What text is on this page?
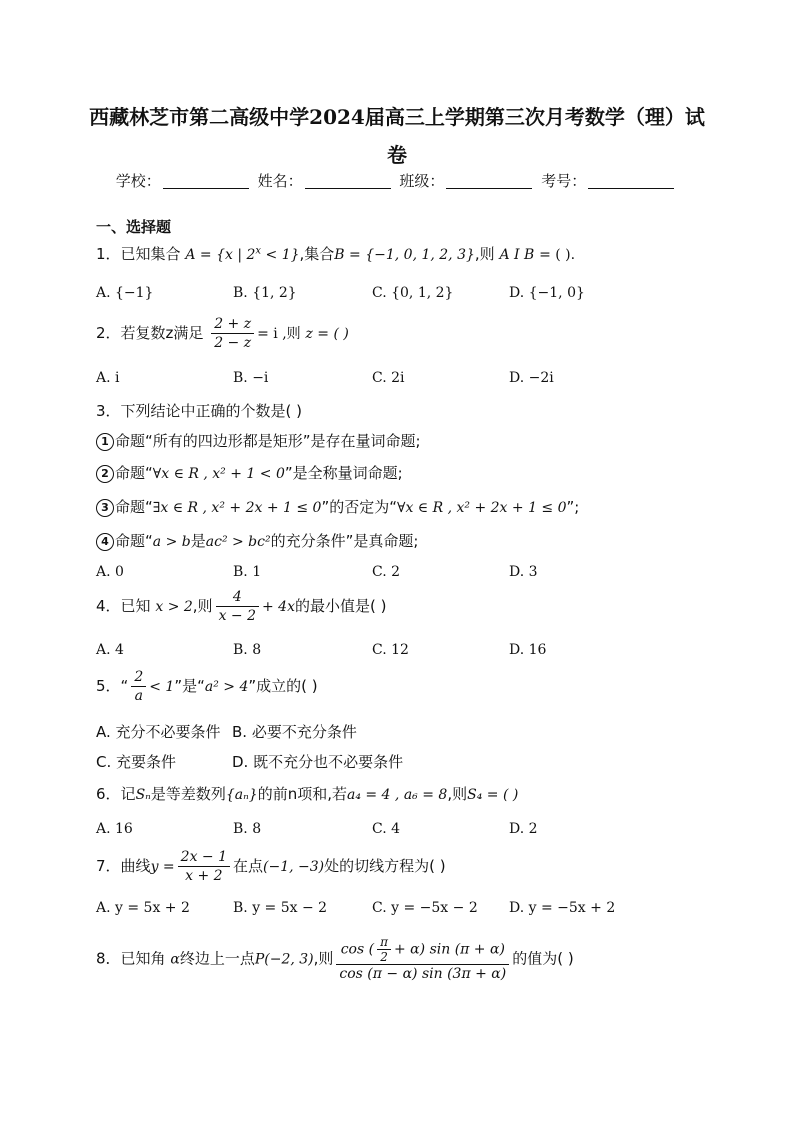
西藏林芝市第二高级中学2024届高三上学期第三次月考数学（理）试
卷
学校：	姓名：	班级：	考号：
一、选择题
1．已知集合 A = {x | $2^x < 1$},集合B = {−1, 0, 1, 2, 3},则 A I B = ( ).
A. {−1}	B. {1, 2}	C. {0, 1, 2}	D. {−1, 0}
2．若复数z满足 $\frac{2 + z}{2 - z} = i$ ,则 z = ( )
A. i	B. −i	C. 2i	D. −2i
3．下列结论中正确的个数是( )
1 命题“所有的四边形都是矩形”是存在量词命题;
2 命题“∀x ∈ R , x² + 1 < 0”是全称量词命题;
3 命题“∃x ∈ R , x² + 2x + 1 ≤ 0”的否定为“∀x ∈ R , x² + 2x + 1 ≤ 0”;
4 命题“a > b是ac² > bc²的充分条件”是真命题;
A. 0	B. 1	C. 2	D. 3
4．已知 x > 2,则 $\frac{4}{x - 2} + 4x$的最小值是( )
A. 4	B. 8	C. 12	D. 16
5．“ $\frac{2}{a} < 1$”是“a² > 4”成立的( )
A. 充分不必要条件 B. 必要不充分条件
C. 充要条件	D. 既不充分也不必要条件
6．记Sₙ是等差数列{aₙ}的前n项和,若a₄ = 4 , a₆ = 8,则S₄ = ( )
A. 16	B. 8	C. 4	D. 2
7．曲线$y = \frac{2x - 1}{x + 2}$ 在点(−1, −3)处的切线方程为( )
A. y = 5x + 2	B. y = 5x − 2	C. y = −5x − 2 D. y = −5x + 2
8．已知角 α终边上一点P(−2, 3),则 $\frac{\cos ( \frac{\pi}{2} + \alpha) \sin (\pi + \alpha)}{\cos (\pi - \alpha) \sin (3\pi + \alpha)}$ 的值为( )
